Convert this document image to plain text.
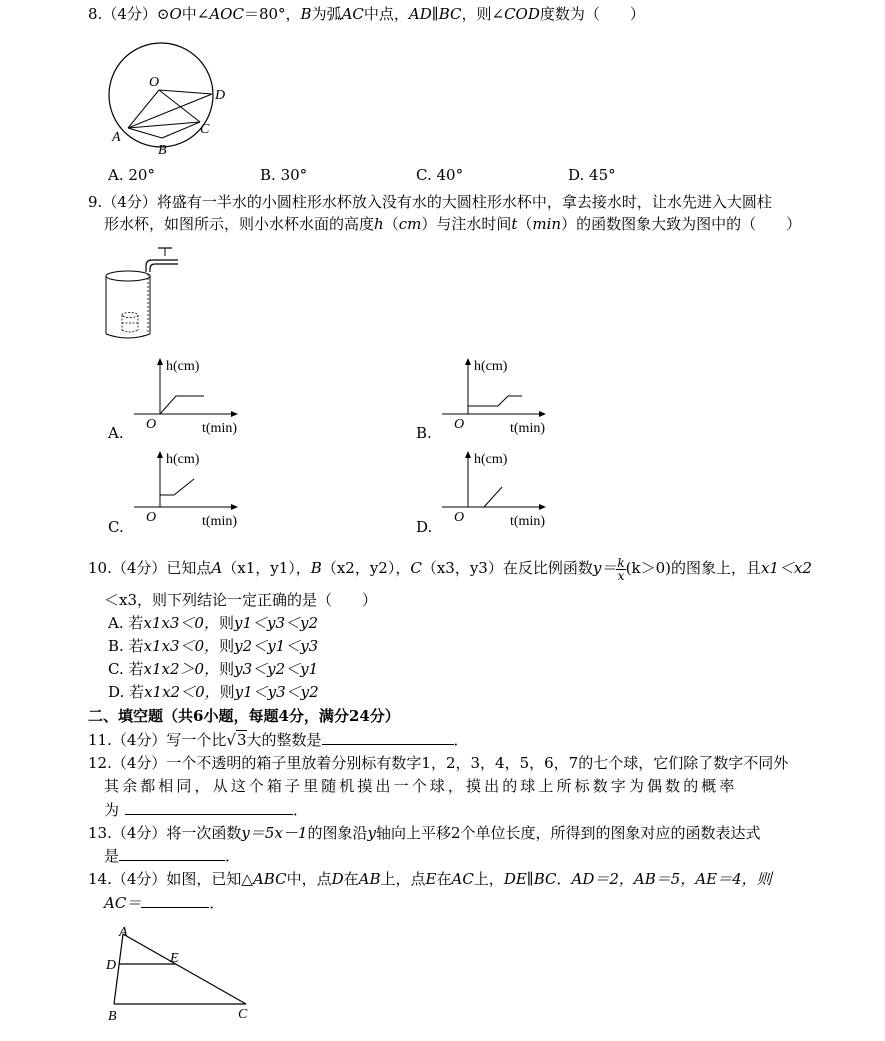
8.（4分）⊙O中∠AOC＝80°，B为弧AC中点，AD∥BC，则∠COD度数为（　　）
O
D
A
B
C
A. 20°	B. 30°	C. 40°	D. 45°
9.（4分）将盛有一半水的小圆柱形水杯放入没有水的大圆柱形水杯中，拿去接水时，让水先进入大圆柱
形水杯，如图所示，则小水杯水面的高度h（cm）与注水时间t（min）的函数图象大致为图中的（　　）
A.
h(cm)
O	t(min)	B.
h(cm)
O	t(min)
C.
h(cm)
O	t(min)	D.
h(cm)
O	t(min)
10.（4分）已知点A（x1，y1），B（x2，y2），C（x3，y3）在反比例函数$y= \frac{k}{x} (k>0)$的图象上，且x1＜x2
＜x3，则下列结论一定正确的是（　　）
A. 若x1x3＜0，则y1＜y3＜y2
B. 若x1x3＜0，则y2＜y1＜y3
C. 若x1x2＞0，则y3＜y2＜y1
D. 若x1x2＜0，则y1＜y3＜y2
二、填空题（共6小题，每题4分，满分24分）
11.（4分）写一个比√3大的整数是	．
12.（4分）一个不透明的箱子里放着分别标有数字1，2，3，4，5，6，7的七个球，它们除了数字不同外
其余都相同，从这个箱子里随机摸出一个球，摸出的球上所标数字为偶数的概率
为	．
13.（4分）将一次函数y＝5x－1的图象沿y轴向上平移2个单位长度，所得到的图象对应的函数表达式
是	．
14.（4分）如图，已知△ABC中，点D在AB上，点E在AC上，DE∥BC．AD＝2，AB＝5，AE＝4，则
AC＝	．
A
D	E
B	C
